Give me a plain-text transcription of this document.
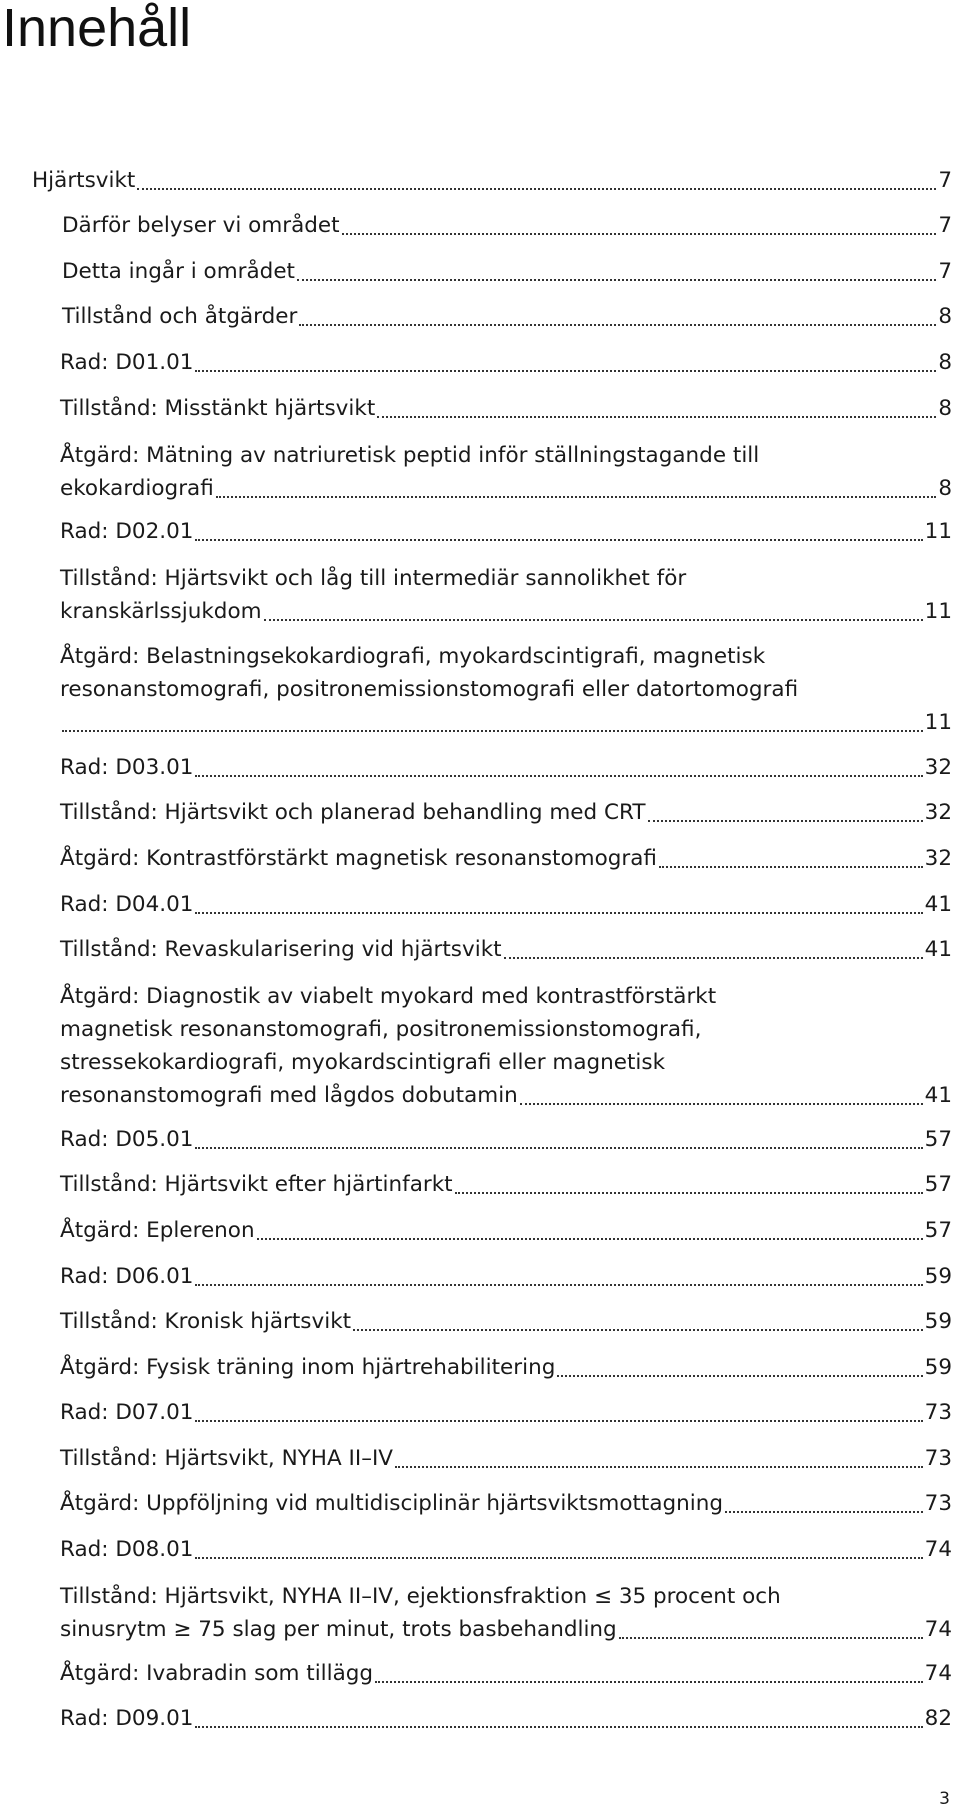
Innehåll
Hjärtsvikt	7
Därför belyser vi området	7
Detta ingår i området	7
Tillstånd och åtgärder	8
Rad: D01.01	8
Tillstånd: Misstänkt hjärtsvikt	8
Åtgärd: Mätning av natriuretisk peptid inför ställningstagande till
ekokardiografi	8
Rad: D02.01	11
Tillstånd: Hjärtsvikt och låg till intermediär sannolikhet för
kranskärlssjukdom	11
Åtgärd: Belastningsekokardiografi, myokardscintigrafi, magnetisk
resonanstomografi, positronemissionstomografi eller datortomografi
11
Rad: D03.01	32
Tillstånd: Hjärtsvikt och planerad behandling med CRT	32
Åtgärd: Kontrastförstärkt magnetisk resonanstomografi	32
Rad: D04.01	41
Tillstånd: Revaskularisering vid hjärtsvikt	41
Åtgärd: Diagnostik av viabelt myokard med kontrastförstärkt
magnetisk resonanstomografi, positronemissionstomografi,
stressekokardiografi, myokardscintigrafi eller magnetisk
resonanstomografi med lågdos dobutamin	41
Rad: D05.01	57
Tillstånd: Hjärtsvikt efter hjärtinfarkt	57
Åtgärd: Eplerenon	57
Rad: D06.01	59
Tillstånd: Kronisk hjärtsvikt	59
Åtgärd: Fysisk träning inom hjärtrehabilitering	59
Rad: D07.01	73
Tillstånd: Hjärtsvikt, NYHA II–IV	73
Åtgärd: Uppföljning vid multidisciplinär hjärtsviktsmottagning	73
Rad: D08.01	74
Tillstånd: Hjärtsvikt, NYHA II–IV, ejektionsfraktion ≤ 35 procent och
sinusrytm ≥ 75 slag per minut, trots basbehandling	74
Åtgärd: Ivabradin som tillägg	74
Rad: D09.01	82
3
